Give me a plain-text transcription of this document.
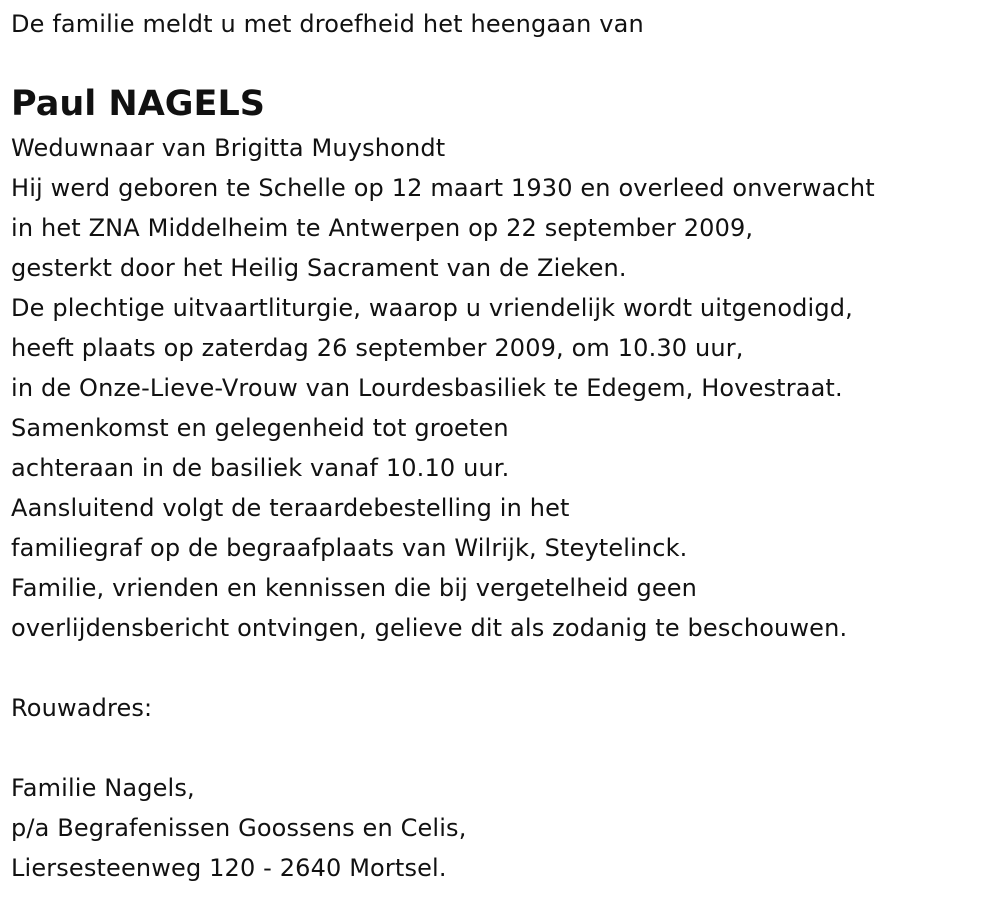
De familie meldt u met droefheid het heengaan van
Paul NAGELS
Weduwnaar van Brigitta Muyshondt
Hij werd geboren te Schelle op 12 maart 1930 en overleed onverwacht
in het ZNA Middelheim te Antwerpen op 22 september 2009,
gesterkt door het Heilig Sacrament van de Zieken.
De plechtige uitvaartliturgie, waarop u vriendelijk wordt uitgenodigd,
heeft plaats op zaterdag 26 september 2009, om 10.30 uur,
in de Onze-Lieve-Vrouw van Lourdesbasiliek te Edegem, Hovestraat.
Samenkomst en gelegenheid tot groeten
achteraan in de basiliek vanaf 10.10 uur.
Aansluitend volgt de teraardebestelling in het
familiegraf op de begraafplaats van Wilrijk, Steytelinck.
Familie, vrienden en kennissen die bij vergetelheid geen
overlijdensbericht ontvingen, gelieve dit als zodanig te beschouwen.
Rouwadres:
Familie Nagels,
p/a Begrafenissen Goossens en Celis,
Liersesteenweg 120 - 2640 Mortsel.
